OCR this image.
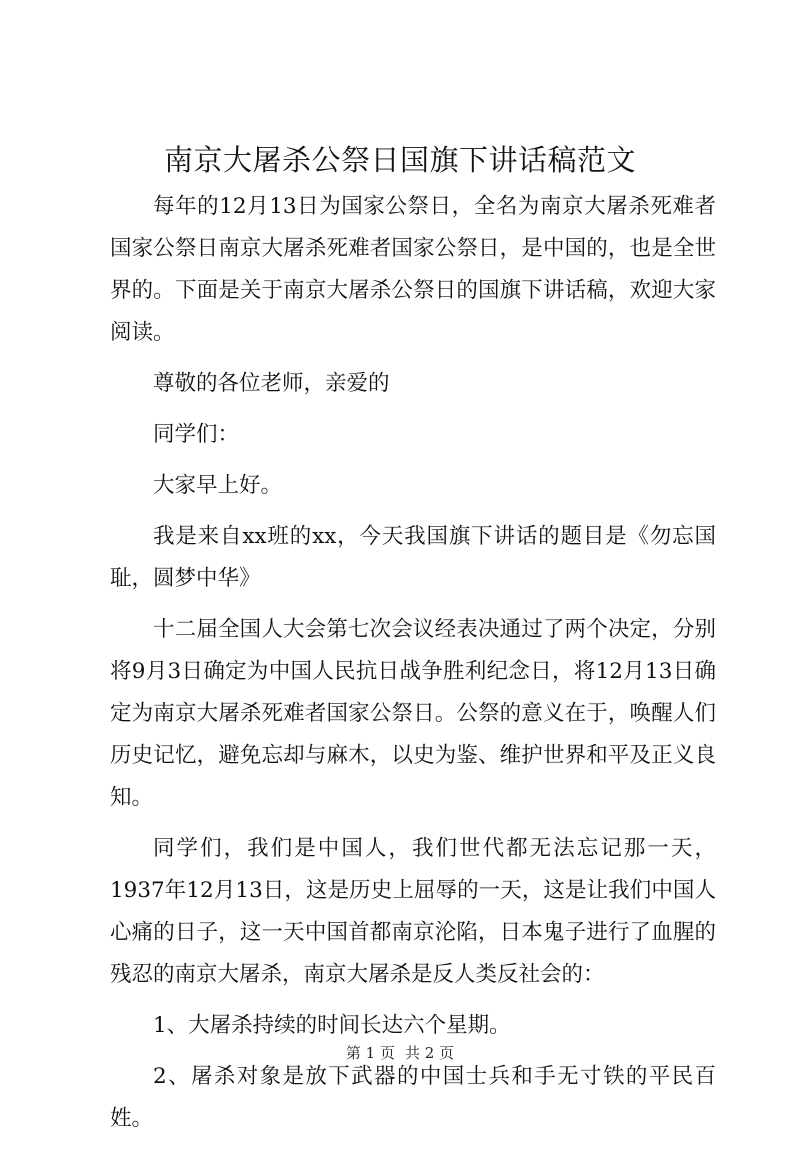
南京大屠杀公祭日国旗下讲话稿范文

每年的12月13日为国家公祭日，全名为南京大屠杀死难者国家公祭日南京大屠杀死难者国家公祭日，是中国的，也是全世界的。下面是关于南京大屠杀公祭日的国旗下讲话稿，欢迎大家阅读。

尊敬的各位老师，亲爱的

同学们：

大家早上好。

我是来自xx班的xx，今天我国旗下讲话的题目是《勿忘国耻，圆梦中华》

十二届全国人大会第七次会议经表决通过了两个决定，分别将9月3日确定为中国人民抗日战争胜利纪念日，将12月13日确定为南京大屠杀死难者国家公祭日。公祭的意义在于，唤醒人们历史记忆，避免忘却与麻木，以史为鉴、维护世界和平及正义良知。

同学们，我们是中国人，我们世代都无法忘记那一天，1937年12月13日，这是历史上屈辱的一天，这是让我们中国人心痛的日子，这一天中国首都南京沦陷，日本鬼子进行了血腥的残忍的南京大屠杀，南京大屠杀是反人类反社会的：

1、大屠杀持续的时间长达六个星期。

2、屠杀对象是放下武器的中国士兵和手无寸铁的平民百姓。

第 1 页 共 2 页
